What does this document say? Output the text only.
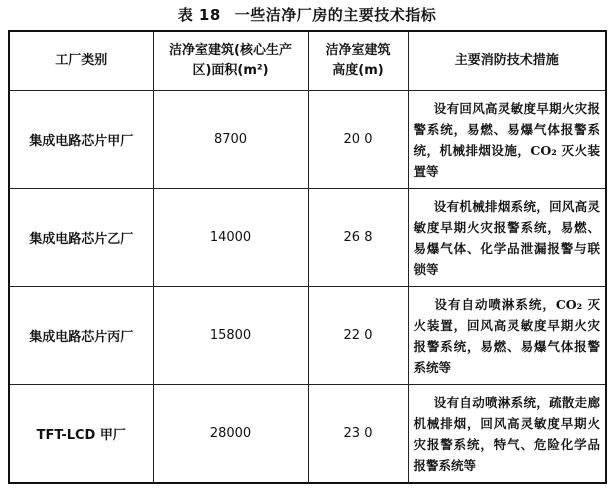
表 18 一些洁净厂房的主要技术指标
工厂类别	洁净室建筑(核心生产区)面积(m²)	洁净室建筑高度(m)	主要消防技术措施
集成电路芯片甲厂	8700	20 0	设有回风高灵敏度早期火灾报警系统，易燃、易爆气体报警系统，机械排烟设施，CO₂ 灭火装置等
集成电路芯片乙厂	14000	26 8	设有机械排烟系统，回风高灵敏度早期火灾报警系统，易燃、易爆气体、化学品泄漏报警与联锁等
集成电路芯片丙厂	15800	22 0	设有自动喷淋系统，CO₂ 灭火装置，回风高灵敏度早期火灾报警系统，易燃、易爆气体报警系统等
TFT-LCD 甲厂	28000	23 0	设有自动喷淋系统，疏散走廊机械排烟，回风高灵敏度早期火灾报警系统，特气、危险化学品报警系统等
